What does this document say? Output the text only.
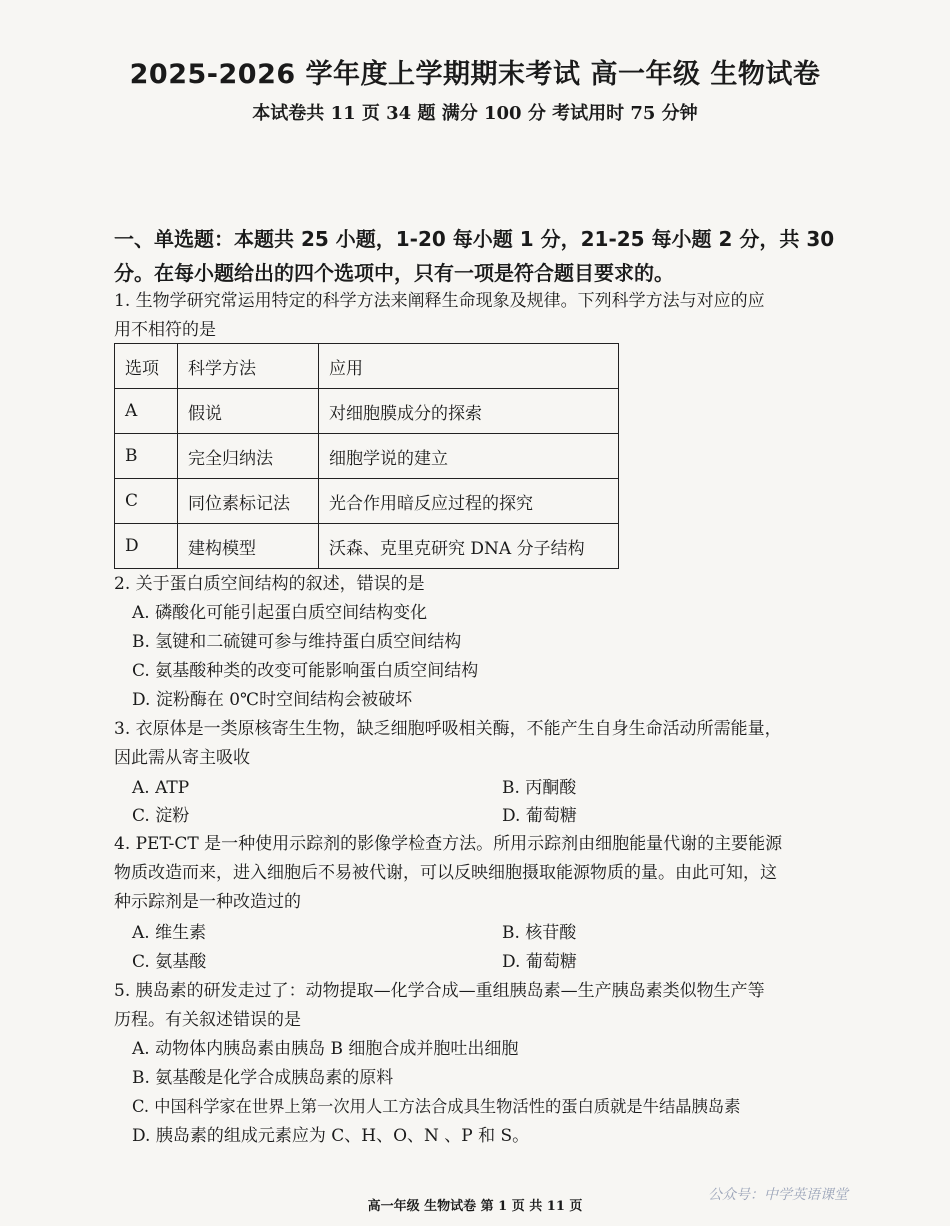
2025-2026 学年度上学期期末考试 高一年级 生物试卷
本试卷共 11 页 34 题 满分 100 分 考试用时 75 分钟
一、单选题：本题共 25 小题，1-20 每小题 1 分，21-25 每小题 2 分，共 30
分。在每小题给出的四个选项中，只有一项是符合题目要求的。
1. 生物学研究常运用特定的科学方法来阐释生命现象及规律。下列科学方法与对应的应
用不相符的是
选项	科学方法	应用
A	假说	对细胞膜成分的探索
B	完全归纳法	细胞学说的建立
C	同位素标记法	光合作用暗反应过程的探究
D	建构模型	沃森、克里克研究 DNA 分子结构
2. 关于蛋白质空间结构的叙述，错误的是
A. 磷酸化可能引起蛋白质空间结构变化
B. 氢键和二硫键可参与维持蛋白质空间结构
C. 氨基酸种类的改变可能影响蛋白质空间结构
D. 淀粉酶在 0℃时空间结构会被破坏
3. 衣原体是一类原核寄生生物，缺乏细胞呼吸相关酶，不能产生自身生命活动所需能量，
因此需从寄主吸收
A. ATP	B. 丙酮酸
C. 淀粉	D. 葡萄糖
4. PET-CT 是一种使用示踪剂的影像学检查方法。所用示踪剂由细胞能量代谢的主要能源
物质改造而来，进入细胞后不易被代谢，可以反映细胞摄取能源物质的量。由此可知，这
种示踪剂是一种改造过的
A. 维生素	B. 核苷酸
C. 氨基酸	D. 葡萄糖
5. 胰岛素的研发走过了：动物提取—化学合成—重组胰岛素—生产胰岛素类似物生产等
历程。有关叙述错误的是
A. 动物体内胰岛素由胰岛 B 细胞合成并胞吐出细胞
B. 氨基酸是化学合成胰岛素的原料
C. 中国科学家在世界上第一次用人工方法合成具生物活性的蛋白质就是牛结晶胰岛素
D. 胰岛素的组成元素应为 C、H、O、N 、P 和 S。
高一年级 生物试卷 第 1 页 共 11 页
公众号：中学英语课堂
